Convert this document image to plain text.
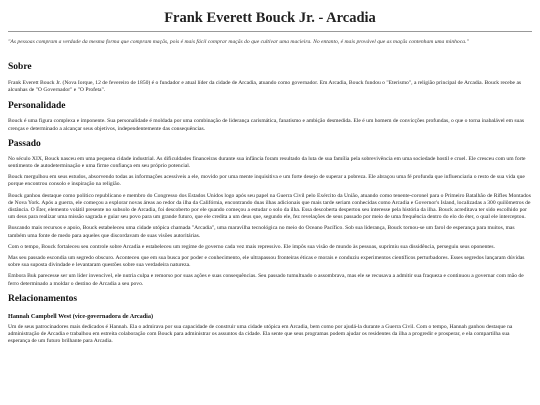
Frank Everett Bouck Jr. - Arcadia

"As pessoas compram a verdade da mesma forma que compram maçãs, pois é mais fácil comprar maçãs do que cultivar uma macieira. No entanto, é mais provável que as maçãs contenham uma minhoca."

Sobre

Frank Everett Bouck Jr. (Nova Iorque, 12 de fevereiro de 1850) é o fundador e atual líder da cidade de Arcadia, atuando como governador. Em Arcadia, Bouck fundou o "Eterismo", a religião principal de Arcadia. Bouck recebe as alcunhas de "O Governador" e "O Profeta".

Personalidade

Bouck é uma figura complexa e imponente. Sua personalidade é moldada por uma combinação de liderança carismática, fanatismo e ambição desmedida. Ele é um homem de convicções profundas, o que o torna inabalável em suas crenças e determinado a alcançar seus objetivos, independentemente das consequências.

Passado

No século XIX, Bouck nasceu em uma pequena cidade industrial. As dificuldades financeiras durante sua infância foram resultado da luta de sua família pela sobrevivência em uma sociedade hostil e cruel. Ele cresceu com um forte sentimento de autodeterminação e uma firme confiança em seu próprio potencial.

Bouck mergulhou em seus estudos, absorvendo todas as informações acessíveis a ele, movido por uma mente inquisitiva e um forte desejo de superar a pobreza. Ele abraçou uma fé profunda que influenciaria o resto de sua vida que porque encontrou consolo e inspiração na religião.

Bouck ganhou destaque como político republicano e membro do Congresso dos Estados Unidos logo após seu papel na Guerra Civil pelo Exército da União, atuando como tenente-coronel para o Primeiro Batalhão de Rifles Montados de Nova York. Após a guerra, ele começou a explorar novas áreas ao redor da ilha da Califórnia, encontrando duas ilhas adicionais que mais tarde seriam conhecidas como Arcadia e Governor's Island, localizadas a 300 quilômetros de distância. O Éter, elemento volátil presente no subsolo de Arcadia, foi descoberto por ele quando começou a estudar o solo da ilha. Essa descoberta despertou seu interesse pela história da ilha. Bouck acreditava ter sido escolhido por um deus para realizar uma missão sagrada e guiar seu povo para um grande futuro, que ele credita a um deus que, segundo ele, fez revelações de seus passado por meio de uma frequência dentro do elo do éter, o qual ele interceptou.

Buscando mais recursos e apoio, Bouck estabeleceu uma cidade utópica chamada "Arcadia", uma maravilha tecnológica no meio do Oceano Pacífico. Sob sua liderança, Bouck tornou-se um farol de esperança para muitos, mas também uma fonte de medo para aqueles que discordavam de suas visões autoritárias.

Com o tempo, Bouck fortaleceu seu controle sobre Arcadia e estabeleceu um regime de governo cada vez mais repressivo. Ele impôs sua visão de mundo às pessoas, suprimiu sua dissidência, perseguiu seus oponentes.

Mas seu passado escondia um segredo obscuro. Aconteceu que em sua busca por poder e conhecimento, ele ultrapassou fronteiras éticas e morais e conduziu experimentos científicos perturbadores. Esses segredos lançaram dúvidas sobre sua suposta divindade e levantaram questões sobre sua verdadeira natureza.

Embora Buk parecesse ser um líder invencível, ele nutria culpa e remorso por suas ações e suas consequências. Seu passado tumultuado o assombrava, mas ele se recusava a admitir sua fraqueza e continuou a governar com mão de ferro determinado a moldar o destino de Arcadia a seu povo.

Relacionamentos
Hannah Campbell West (vice-governadora de Arcadia)

Um de seus patrocinadores mais dedicados é Hannah. Ela o admirava por sua capacidade de construir uma cidade utópica em Arcadia, bem como por ajudá-la durante a Guerra Civil. Com o tempo, Hannah ganhou destaque na administração de Arcadia e trabalhou em estreita colaboração com Bouck para administrar os assuntos da cidade. Ela sente que seus programas podem ajudar os residentes da ilha a progredir e prosperar, e ela compartilha sua esperança de um futuro brilhante para Arcadia.
